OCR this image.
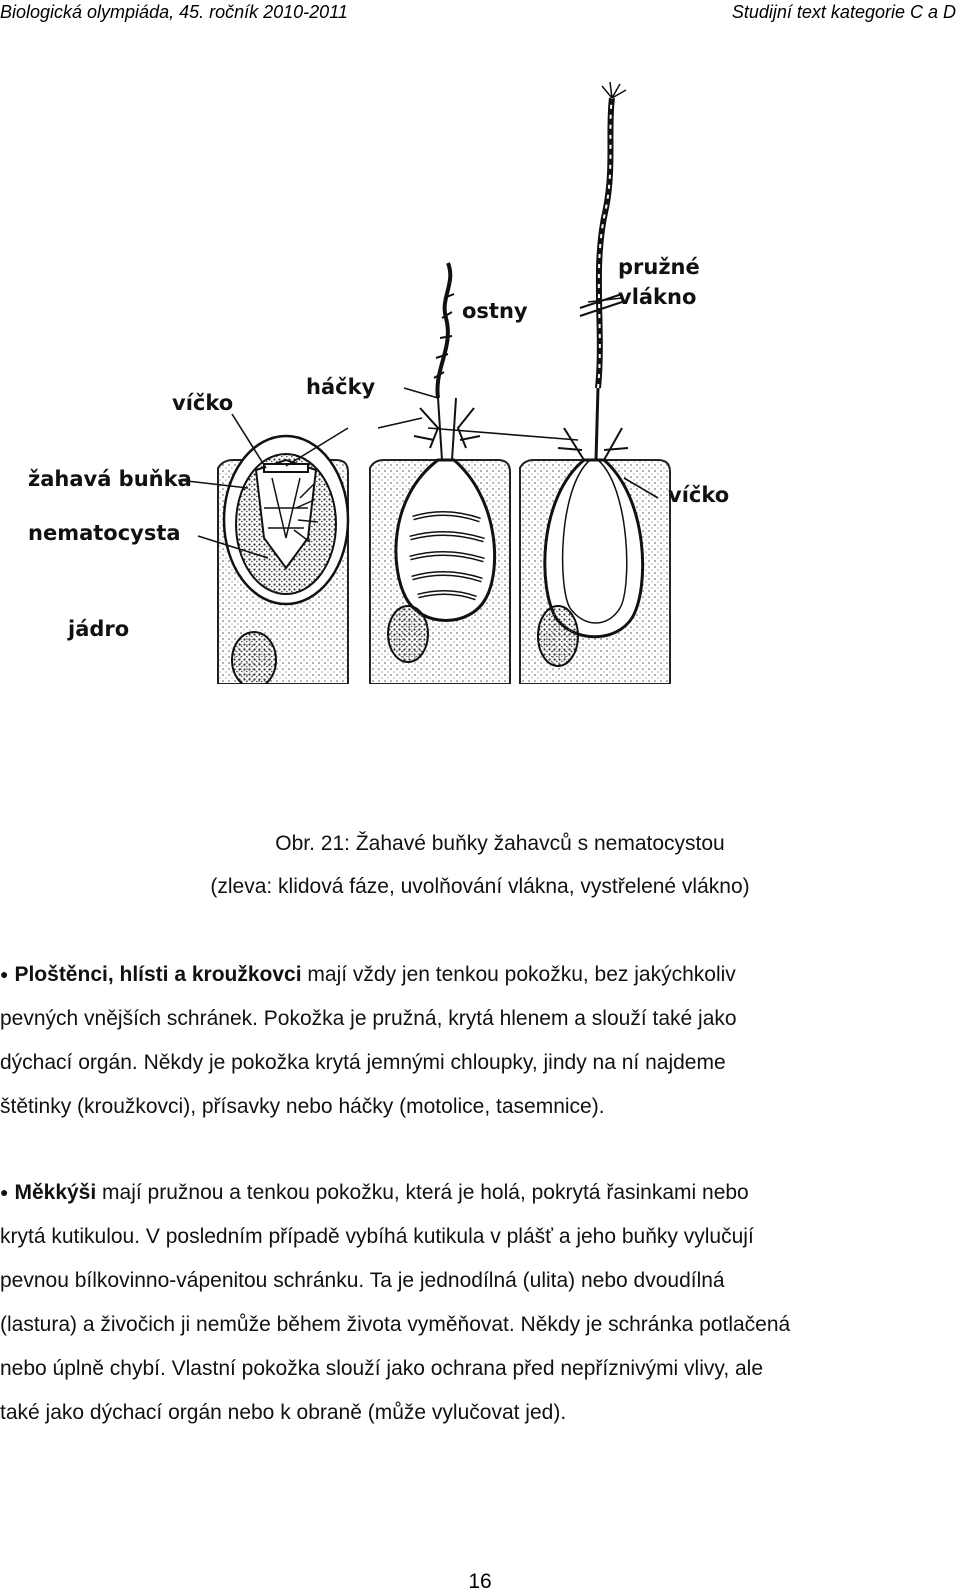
Biologická olympiáda, 45. ročník 2010-2011	Studijní text kategorie C a D
víčko
žahavá buňka
nematocysta
jádro
háčky
ostny
pružné
vlákno
víčko
Obr. 21: Žahavé buňky žahavců s nematocystou
(zleva: klidová fáze, uvolňování vlákna, vystřelené vlákno)
● Ploštěnci, hlísti a kroužkovci mají vždy jen tenkou pokožku, bez jakýchkoliv
pevných vnějších schránek. Pokožka je pružná, krytá hlenem a slouží také jako
dýchací orgán. Někdy je pokožka krytá jemnými chloupky, jindy na ní najdeme
štětinky (kroužkovci), přísavky nebo háčky (motolice, tasemnice).
● Měkkýši mají pružnou a tenkou pokožku, která je holá, pokrytá řasinkami nebo
krytá kutikulou. V posledním případě vybíhá kutikula v plášť a jeho buňky vylučují
pevnou bílkovinno-vápenitou schránku. Ta je jednodílná (ulita) nebo dvoudílná
(lastura) a živočich ji nemůže během života vyměňovat. Někdy je schránka potlačená
nebo úplně chybí. Vlastní pokožka slouží jako ochrana před nepříznivými vlivy, ale
také jako dýchací orgán nebo k obraně (může vylučovat jed).
16
